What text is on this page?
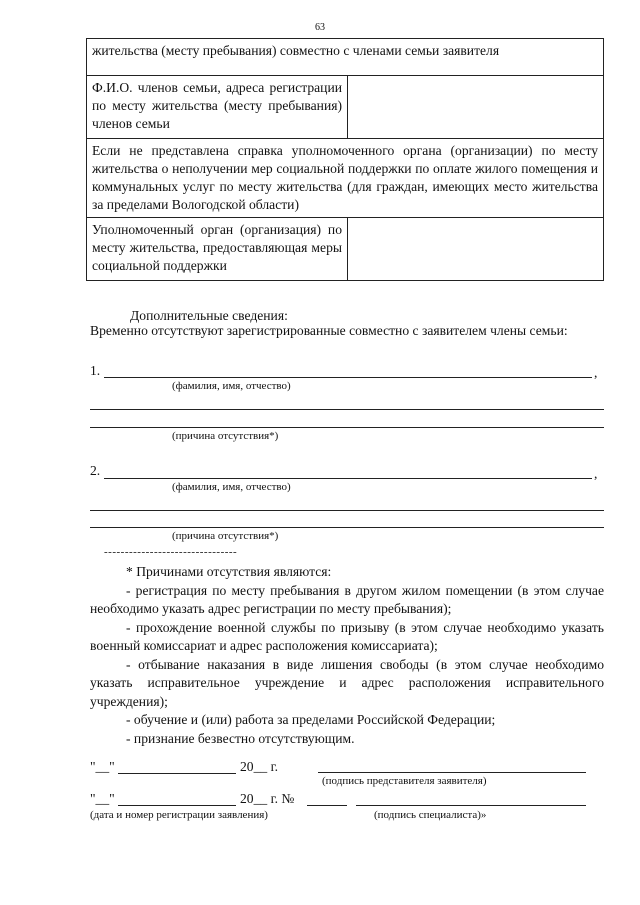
63
жительства (месту пребывания) совместно с членами семьи заявителя	
Ф.И.О. членов семьи, адреса регистрации по месту жительства (месту пребывания) членов семьи	
Если не представлена справка уполномоченного органа (организации) по месту жительства о неполучении мер социальной поддержки по оплате жилого помещения и коммунальных услуг по месту жительства (для граждан, имеющих место жительства за пределами Вологодской области)	
Уполномоченный орган (организация) по месту жительства, предоставляющая меры социальной поддержки	
Дополнительные сведения:
Временно отсутствуют зарегистрированные совместно с заявителем члены семьи:
1.	,
(фамилия, имя, отчество)
(причина отсутствия*)
2.	,
(фамилия, имя, отчество)
(причина отсутствия*)
--------------------------------

* Причинами отсутствия являются:

- регистрация по месту пребывания в другом жилом помещении (в этом случае необходимо указать адрес регистрации по месту пребывания);

- прохождение военной службы по призыву (в этом случае необходимо указать военный комиссариат и адрес расположения комиссариата);

- отбывание наказания в виде лишения свободы (в этом случае необходимо указать исправительное учреждение и адрес расположения исправительного учреждения);

- обучение и (или) работа за пределами Российской Федерации;

- признание безвестно отсутствующим.

"__"	20__ г.
(подпись представителя заявителя)
"__"	20__ г. №
(дата и номер регистрации заявления)	(подпись специалиста)»
